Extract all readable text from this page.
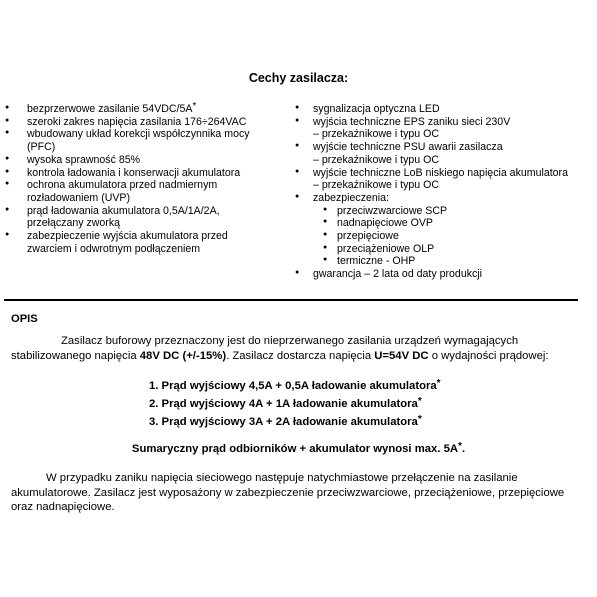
Cechy zasilacza:
● bezprzerwowe zasilanie 54VDC/5A*
● szeroki zakres napięcia zasilania 176÷264VAC
● wbudowany układ korekcji współczynnika mocy
(PFC)
● wysoka sprawność 85%
● kontrola ładowania i konserwacji akumulatora
● ochrona akumulatora przed nadmiernym
rozładowaniem (UVP)
● prąd ładowania akumulatora 0,5A/1A/2A,
przełączany zworką
● zabezpieczenie wyjścia akumulatora przed
zwarciem i odwrotnym podłączeniem
● sygnalizacja optyczna LED
● wyjścia techniczne EPS zaniku sieci 230V
– przekaźnikowe i typu OC
● wyjście techniczne PSU awarii zasilacza
– przekaźnikowe i typu OC
● wyjście techniczne LoB niskiego napięcia akumulatora
– przekaźnikowe i typu OC
● zabezpieczenia:
● przeciwzwarciowe SCP
● nadnapięciowe OVP
● przepięciowe
● przeciążeniowe OLP
● termiczne - OHP
● gwarancja – 2 lata od daty produkcji
OPIS
Zasilacz buforowy przeznaczony jest do nieprzerwanego zasilania urządzeń wymagających stabilizowanego napięcia 48V DC (+/-15%). Zasilacz dostarcza napięcia U=54V DC o wydajności prądowej:
1. Prąd wyjściowy 4,5A + 0,5A ładowanie akumulatora*
2. Prąd wyjściowy 4A + 1A ładowanie akumulatora*
3. Prąd wyjściowy 3A + 2A ładowanie akumulatora*
Sumaryczny prąd odbiorników + akumulator wynosi max. 5A*.
W przypadku zaniku napięcia sieciowego następuje natychmiastowe przełączenie na zasilanie akumulatorowe. Zasilacz jest wyposażony w zabezpieczenie przeciwzwarciowe, przeciążeniowe, przepięciowe oraz nadnapięciowe.
